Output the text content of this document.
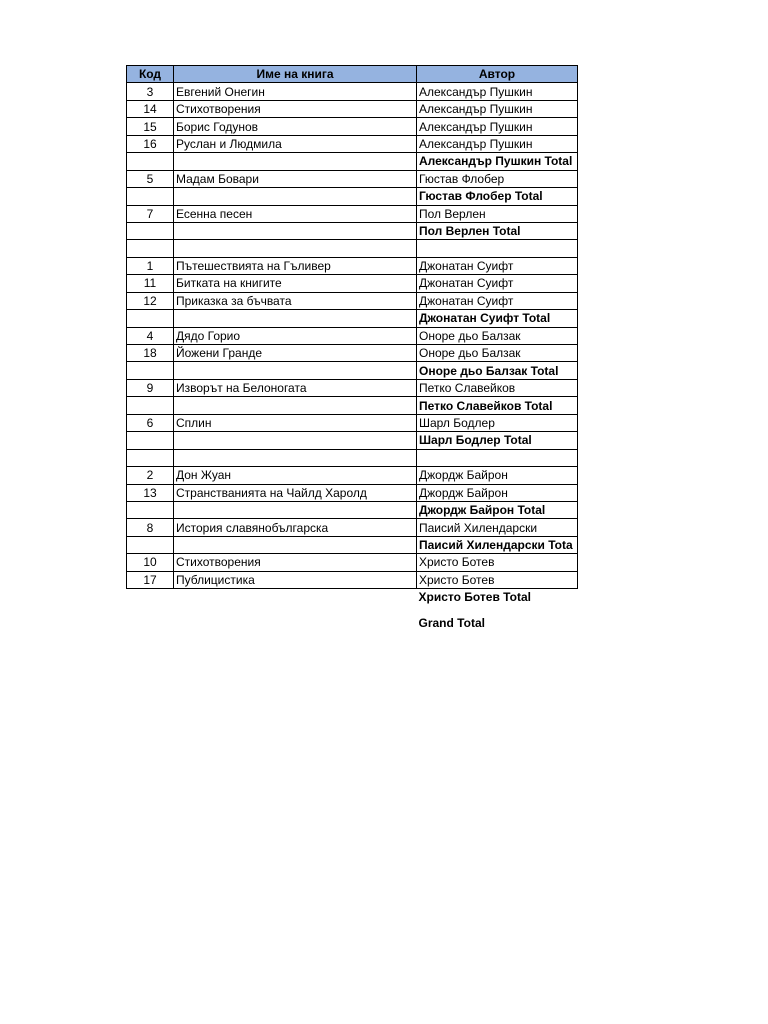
Код	Име на книга	Автор
3	Евгений Онегин	Александър Пушкин
14	Стихотворения	Александър Пушкин
15	Борис Годунов	Александър Пушкин
16	Руслан и Людмила	Александър Пушкин
		Александър Пушкин Total
5	Мадам Бовари	Гюстав Флобер
		Гюстав Флобер Total
7	Есенна песен	Пол Верлен
		Пол Верлен Total

1	Пътешествията на Гъливер	Джонатан Суифт
11	Битката на книгите	Джонатан Суифт
12	Приказка за бъчвата	Джонатан Суифт
		Джонатан Суифт Total
4	Дядо Горио	Оноре дьо Балзак
18	Йожени Гранде	Оноре дьо Балзак
		Оноре дьо Балзак Total
9	Изворът на Белоногата	Петко Славейков
		Петко Славейков Total
6	Сплин	Шарл Бодлер
		Шарл Бодлер Total

2	Дон Жуан	Джордж Байрон
13	Странстванията на Чайлд Харолд	Джордж Байрон
		Джордж Байрон Total
8	История славянобългарска	Паисий Хилендарски
		Паисий Хилендарски Tota
10	Стихотворения	Христо Ботев
17	Публицистика	Христо Ботев
		Христо Ботев Total
		Grand Total
